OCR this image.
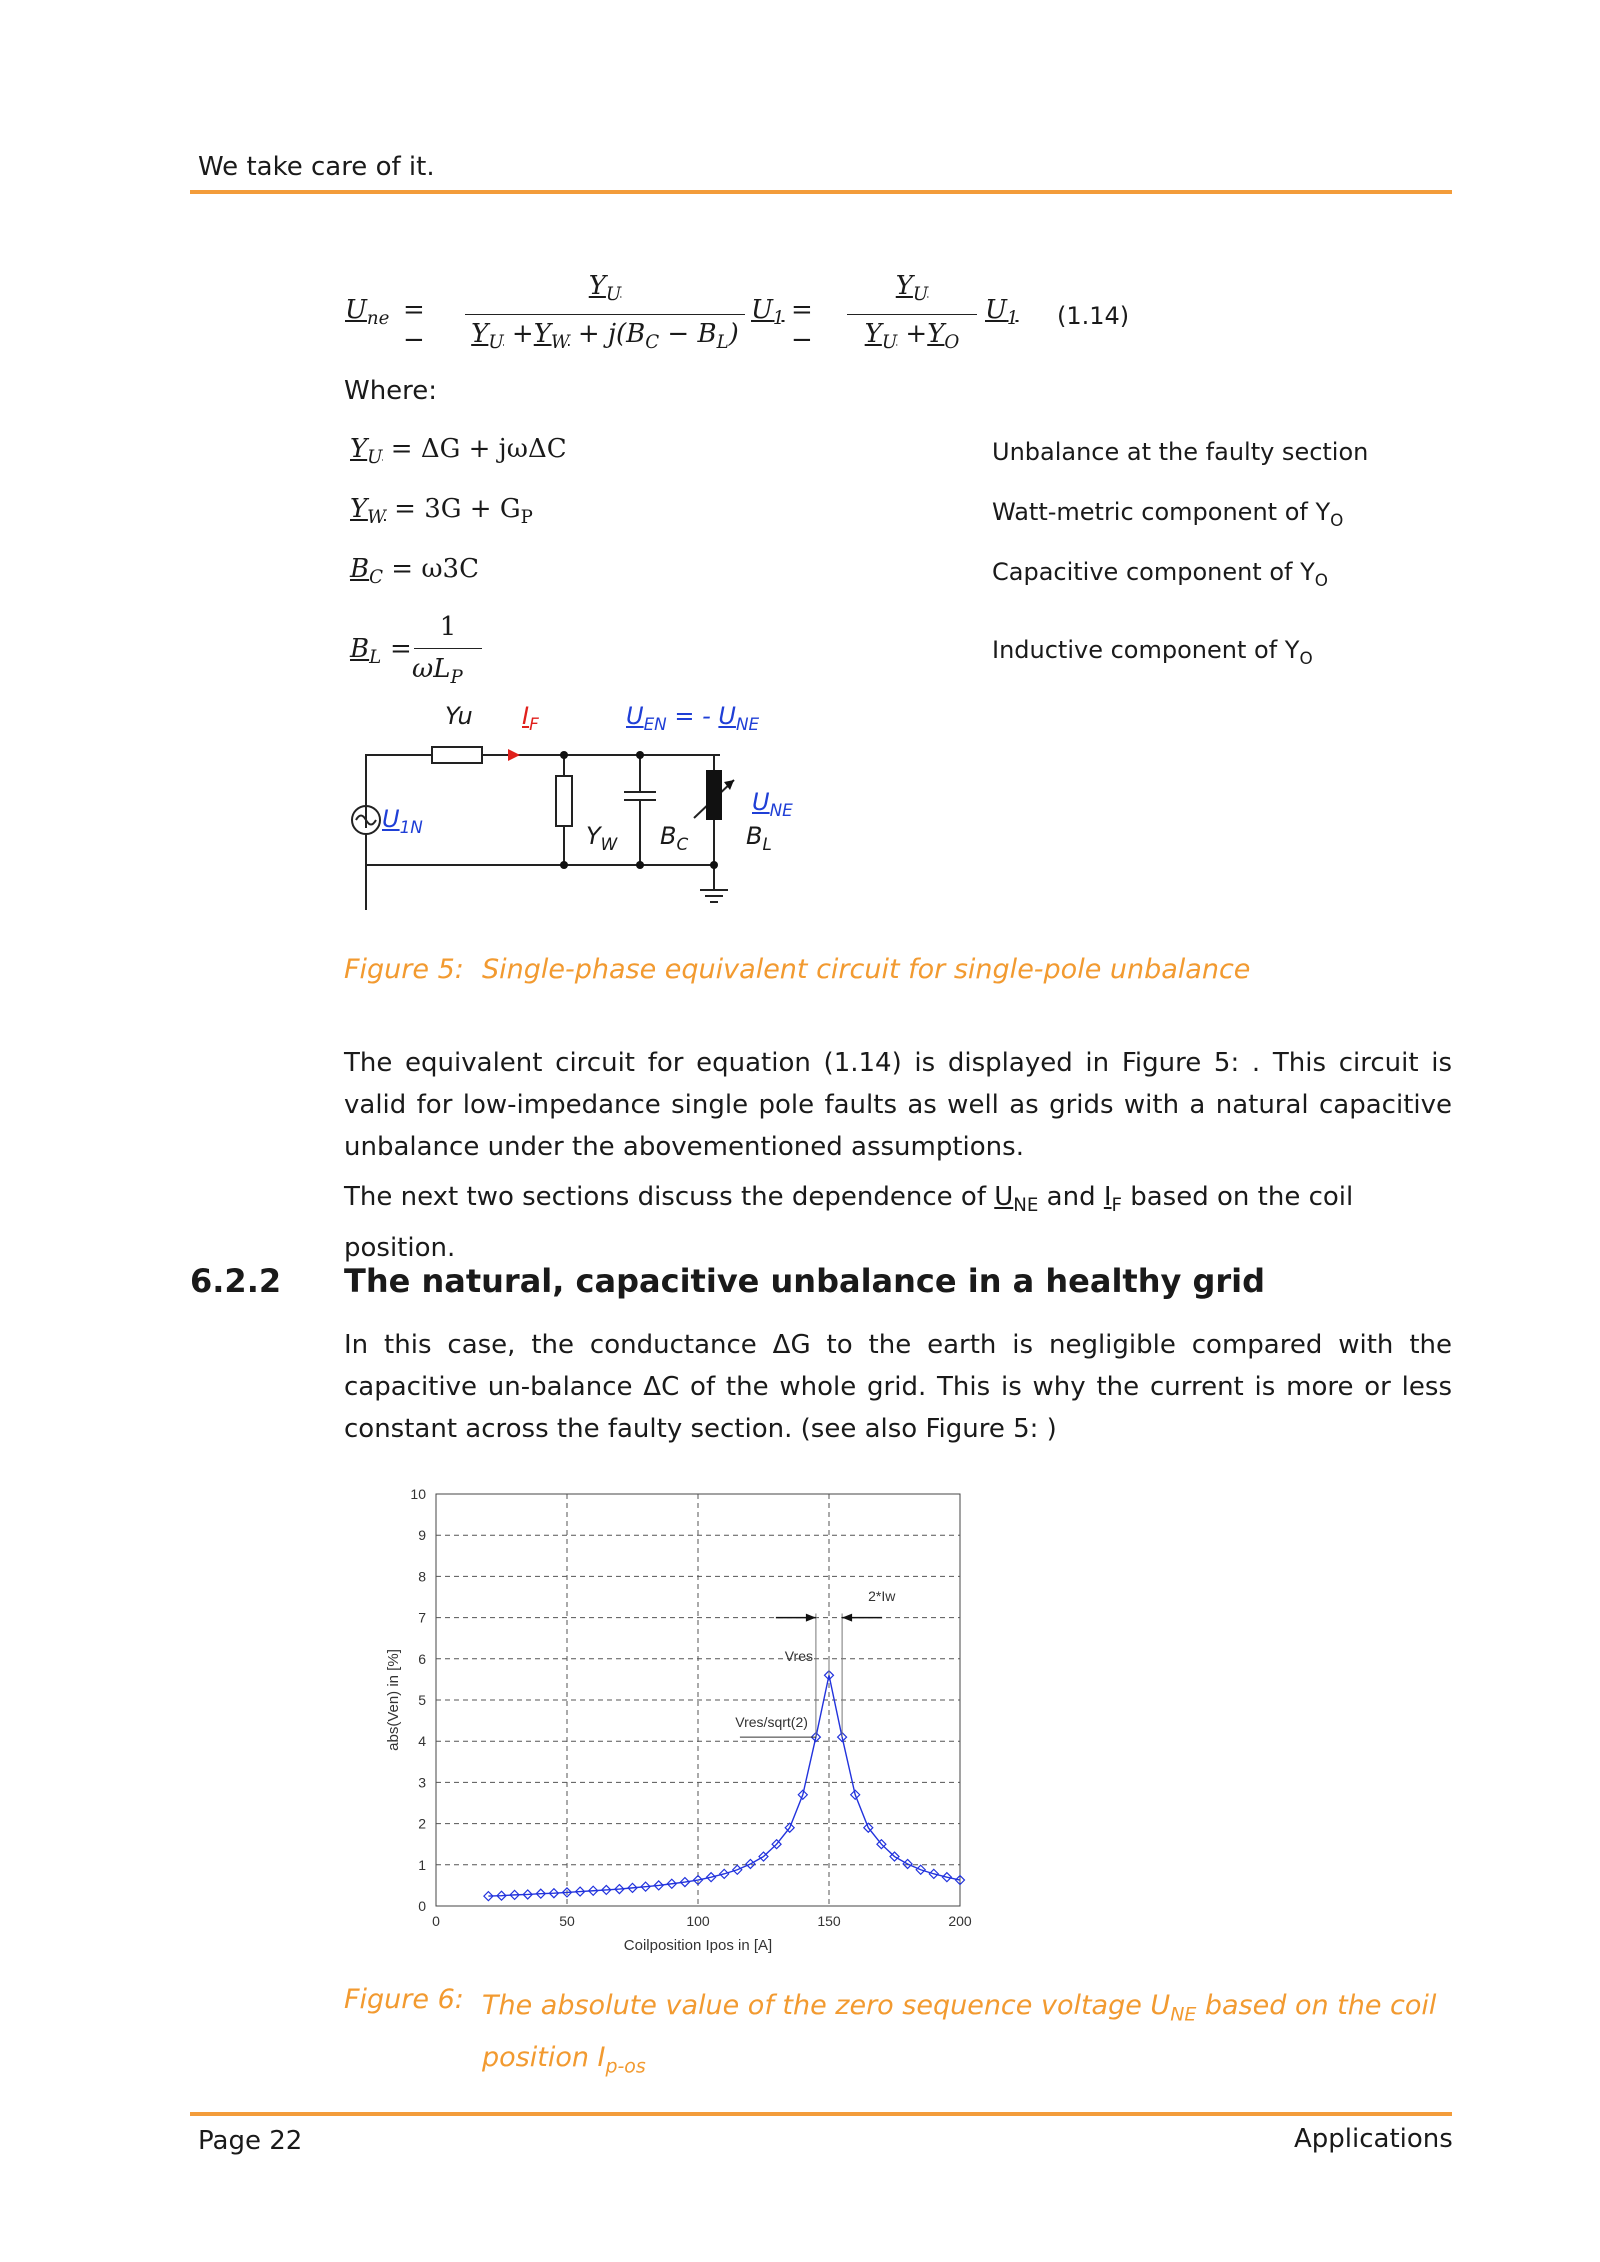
We take care of it.
$U_{ne}$ = −
$Y_U$
$Y_U +Y_W + j(B_C - B_L)$
$U_1$ = −
$Y_U$
$Y_U +Y_O$
$U_1$ (1.14)
Where:
$Y_U = \Delta G + j\omega\Delta C$	Unbalance at the faulty section
$Y_W = 3G + G_P$	Watt-metric component of $Y_O$
$B_C = \omega 3C$	Capacitive component of $Y_O$
$B_L$ =
1
$\omega L_P$
Inductive component of $Y_O$
Yu $I_F$	$U_{EN}$ = - $U_{NE}$
$U_{1N}$	$Y_W$ $B_C$ $B_L$
$U_{NE}$
Figure 5: Single-phase equivalent circuit for single-pole unbalance
The equivalent circuit for equation (1.14) is displayed in Figure 5: . This circuit is valid for low-impedance single pole faults as well as grids with a natural capacitive unbalance under the abovementioned assumptions.
The next two sections discuss the dependence of $U_{NE}$ and $I_F$ based on the coil position.
6.2.2 The natural, capacitive unbalance in a healthy grid
In this case, the conductance ΔG to the earth is negligible compared with the capacitive un-balance ΔC of the whole grid. This is why the current is more or less constant across the faulty section. (see also Figure 5: )
0
1
2
3
4
5
6
7
8
9
10
0	50	100	150	200
Coilposition Ipos in [A]
abs(Ven) in [%]
2*Iw
Vres
Vres/sqrt(2)
Figure 6: The absolute value of the zero sequence voltage $U_{NE}$ based on the coil position $I_{p-os}$
Page 22	Applications
